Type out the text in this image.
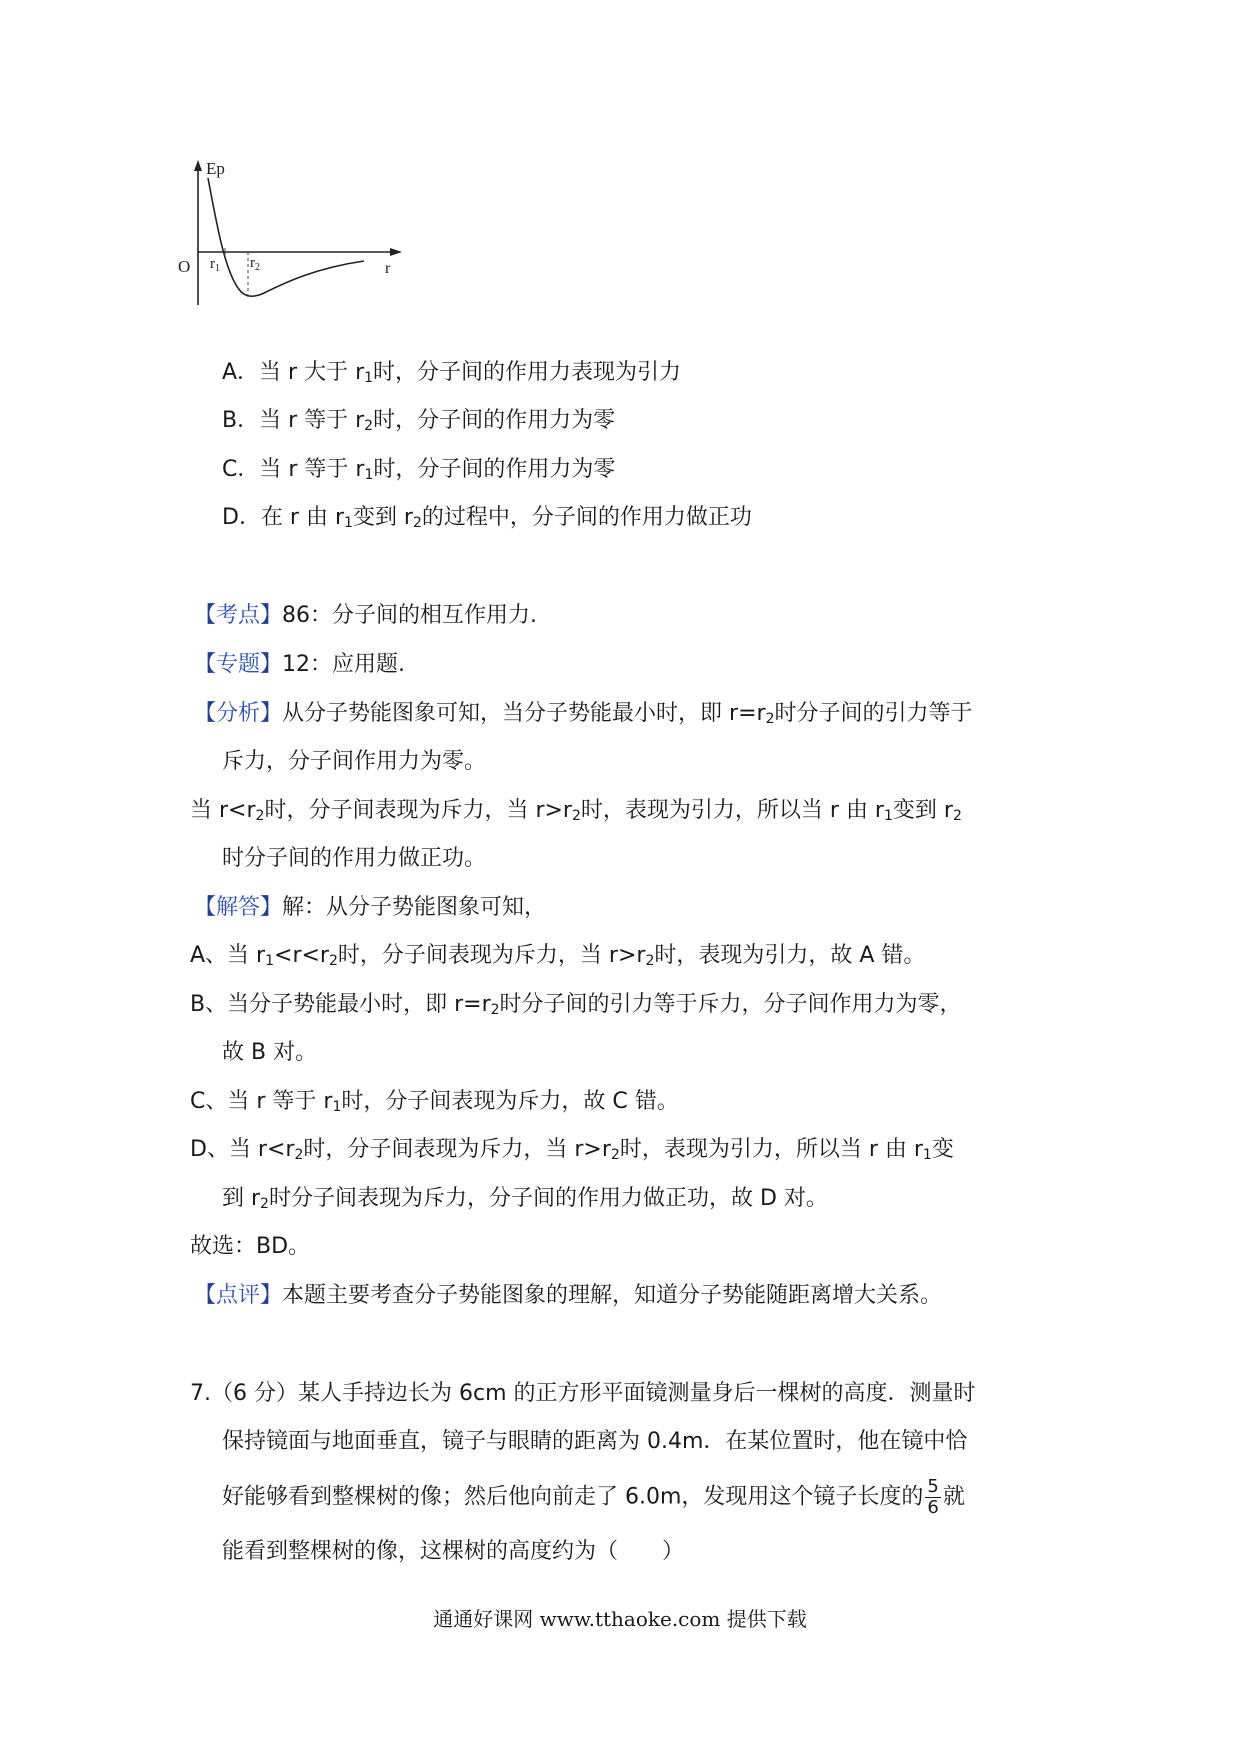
Ep
O	r
$r_1$ $r_2$
A．当 r 大于 $r_1$时，分子间的作用力表现为引力
B．当 r 等于 $r_2$时，分子间的作用力为零
C．当 r 等于 $r_1$时，分子间的作用力为零
D．在 r 由 $r_1$变到 $r_2$的过程中，分子间的作用力做正功
【考点】86：分子间的相互作用力.
【专题】12：应用题.
【分析】从分子势能图象可知，当分子势能最小时，即 $r=r_2$时分子间的引力等于
斥力，分子间作用力为零。
当 $r<r_2$时，分子间表现为斥力，当 $r>r_2$时，表现为引力，所以当 r 由 $r_1$变到 $r_2$
时分子间的作用力做正功。
【解答】解：从分子势能图象可知，
A、当 $r_1<r<r_2$时，分子间表现为斥力，当 $r>r_2$时，表现为引力，故 A 错。
B、当分子势能最小时，即 $r=r_2$时分子间的引力等于斥力，分子间作用力为零，
故 B 对。
C、当 r 等于 $r_1$时，分子间表现为斥力，故 C 错。
D、当 $r<r_2$时，分子间表现为斥力，当 $r>r_2$时，表现为引力，所以当 r 由 $r_1$变
到 $r_2$时分子间表现为斥力，分子间的作用力做正功，故 D 对。
故选：BD。
【点评】本题主要考查分子势能图象的理解，知道分子势能随距离增大关系。
7.（6 分）某人手持边长为 6cm 的正方形平面镜测量身后一棵树的高度．测量时
保持镜面与地面垂直，镜子与眼睛的距离为 0.4m．在某位置时，他在镜中恰
好能够看到整棵树的像；然后他向前走了 6.0m，发现用这个镜子长度的 $\frac{5}{6}$ 就
能看到整棵树的像，这棵树的高度约为（　　）
通通好课网 www.tthaoke.com 提供下载
